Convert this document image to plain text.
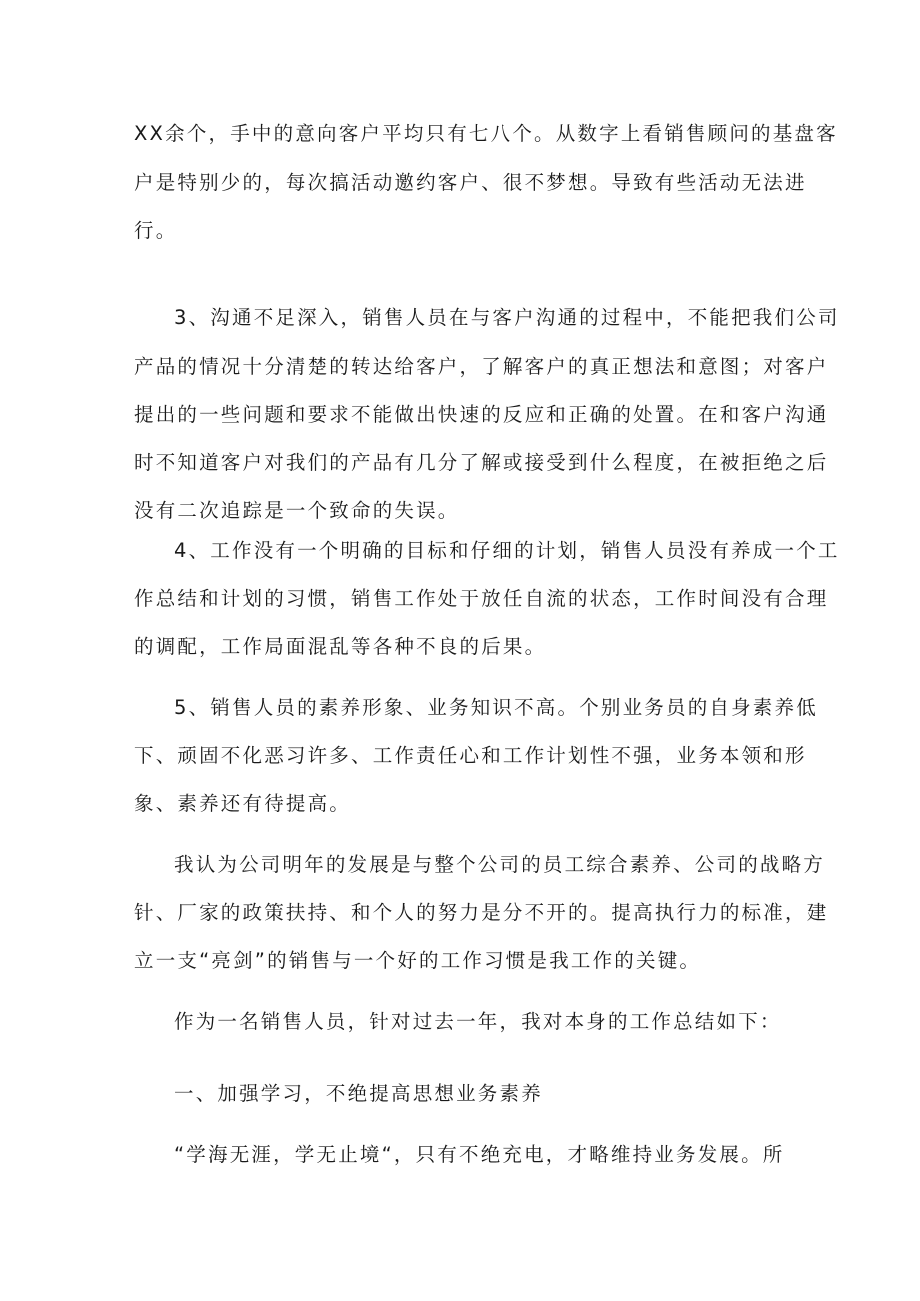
XX余个，手中的意向客户平均只有七八个。从数字上看销售顾问的基盘客
户是特别少的，每次搞活动邀约客户、很不梦想。导致有些活动无法进
行。
3、沟通不足深入，销售人员在与客户沟通的过程中，不能把我们公司
产品的情况十分清楚的转达给客户，了解客户的真正想法和意图；对客户
提出的一些问题和要求不能做出快速的反应和正确的处置。在和客户沟通
时不知道客户对我们的产品有几分了解或接受到什么程度，在被拒绝之后
没有二次追踪是一个致命的失误。
4、工作没有一个明确的目标和仔细的计划，销售人员没有养成一个工
作总结和计划的习惯，销售工作处于放任自流的状态，工作时间没有合理
的调配，工作局面混乱等各种不良的后果。
5、销售人员的素养形象、业务知识不高。个别业务员的自身素养低
下、顽固不化恶习许多、工作责任心和工作计划性不强，业务本领和形
象、素养还有待提高。
我认为公司明年的发展是与整个公司的员工综合素养、公司的战略方
针、厂家的政策扶持、和个人的努力是分不开的。提高执行力的标准，建
立一支“亮剑”的销售与一个好的工作习惯是我工作的关键。
作为一名销售人员，针对过去一年，我对本身的工作总结如下：
一、加强学习，不绝提高思想业务素养
“学海无涯，学无止境“，只有不绝充电，才略维持业务发展。所
